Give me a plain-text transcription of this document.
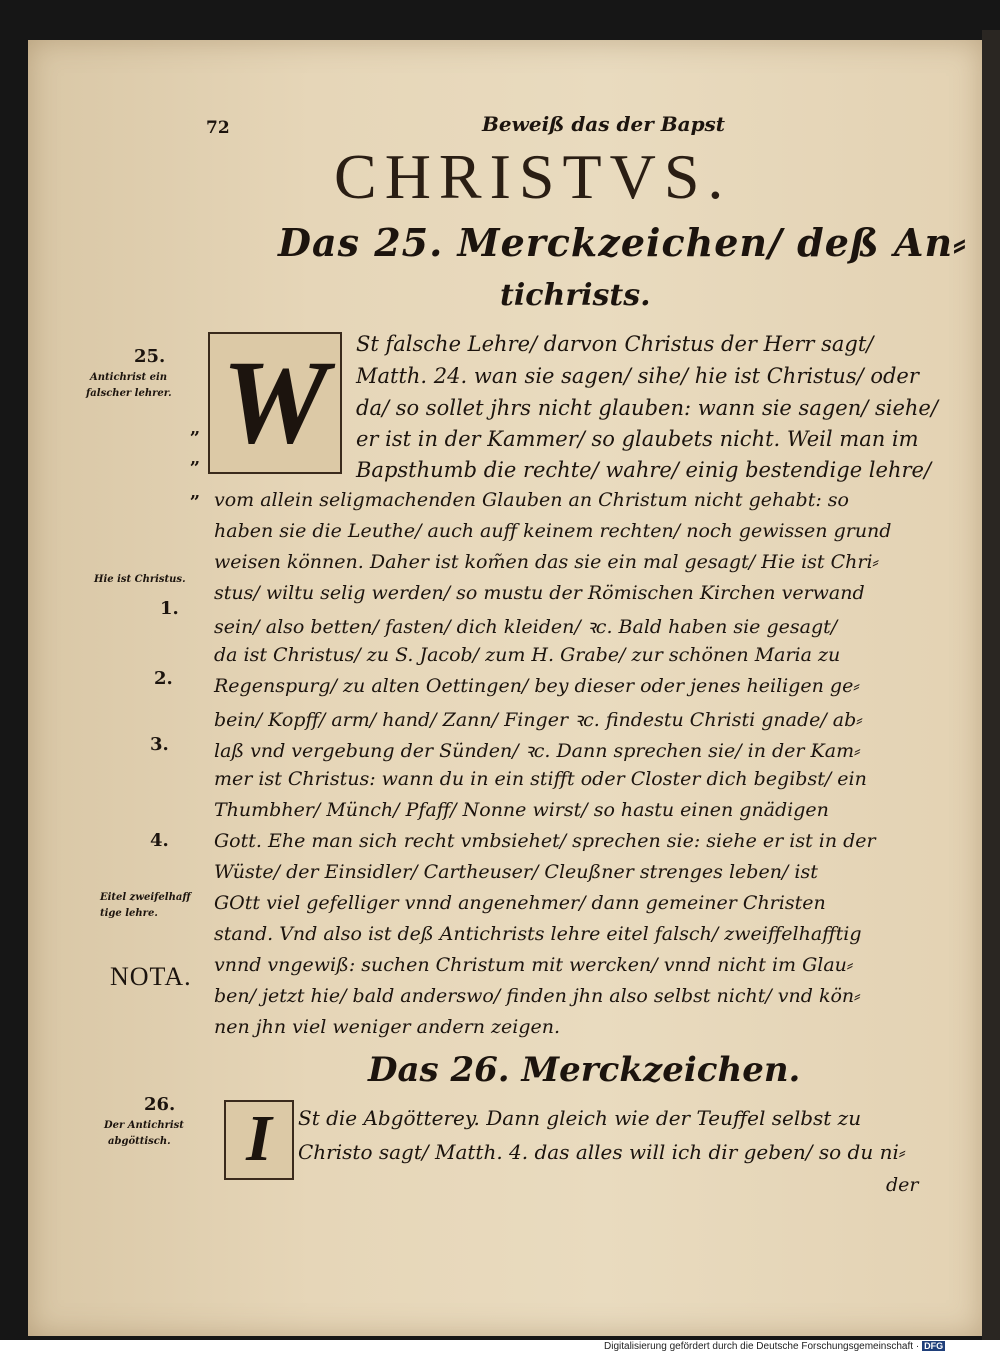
72	Beweiß das der Bapst
CHRISTVS.
Das 25. Merckzeichen/ deß An⸗
tichrists.
W	St falsche Lehre/ darvon Christus der Herr sagt/
Matth. 24. wan sie sagen/ sihe/ hie ist Christus/ oder
da/ so sollet jhrs nicht glauben: wann sie sagen/ siehe/
er ist in der Kammer/ so glaubets nicht. Weil man im
Bapsthumb die rechte/ wahre/ einig bestendige lehre/
vom allein seligmachenden Glauben an Christum nicht gehabt: so
haben sie die Leuthe/ auch auff keinem rechten/ noch gewissen grund
weisen können. Daher ist kom̃en das sie ein mal gesagt/ Hie ist Chri⸗
stus/ wiltu selig werden/ so mustu der Römischen Kirchen verwand
sein/ also betten/ fasten/ dich kleiden/ ꝛc. Bald haben sie gesagt/
da ist Christus/ zu S. Jacob/ zum H. Grabe/ zur schönen Maria zu
Regenspurg/ zu alten Oettingen/ bey dieser oder jenes heiligen ge⸗
bein/ Kopff/ arm/ hand/ Zann/ Finger ꝛc. findestu Christi gnade/ ab⸗
laß vnd vergebung der Sünden/ ꝛc. Dann sprechen sie/ in der Kam⸗
mer ist Christus: wann du in ein stifft oder Closter dich begibst/ ein
Thumbher/ Münch/ Pfaff/ Nonne wirst/ so hastu einen gnädigen
Gott. Ehe man sich recht vmbsiehet/ sprechen sie: siehe er ist in der
Wüste/ der Einsidler/ Cartheuser/ Cleußner strenges leben/ ist
GOtt viel gefelliger vnnd angenehmer/ dann gemeiner Christen
stand. Vnd also ist deß Antichrists lehre eitel falsch/ zweiffelhafftig
vnnd vngewiß: suchen Christum mit wercken/ vnnd nicht im Glau⸗
ben/ jetzt hie/ bald anderswo/ finden jhn also selbst nicht/ vnd kön⸗
nen jhn viel weniger andern zeigen.
25.
Antichrist ein
falscher lehrer.
„
„
„
Hie ist Christus.
1.
2.
3.
4.
Eitel zweifelhaff
tige lehre.
NOTA.
26.
Der Antichrist
abgöttisch.
Das 26. Merckzeichen.
I	St die Abgötterey. Dann gleich wie der Teuffel selbst zu
Christo sagt/ Matth. 4. das alles will ich dir geben/ so du ni⸗
der
Digitalisierung gefördert durch die Deutsche Forschungsgemeinschaft · DFG
